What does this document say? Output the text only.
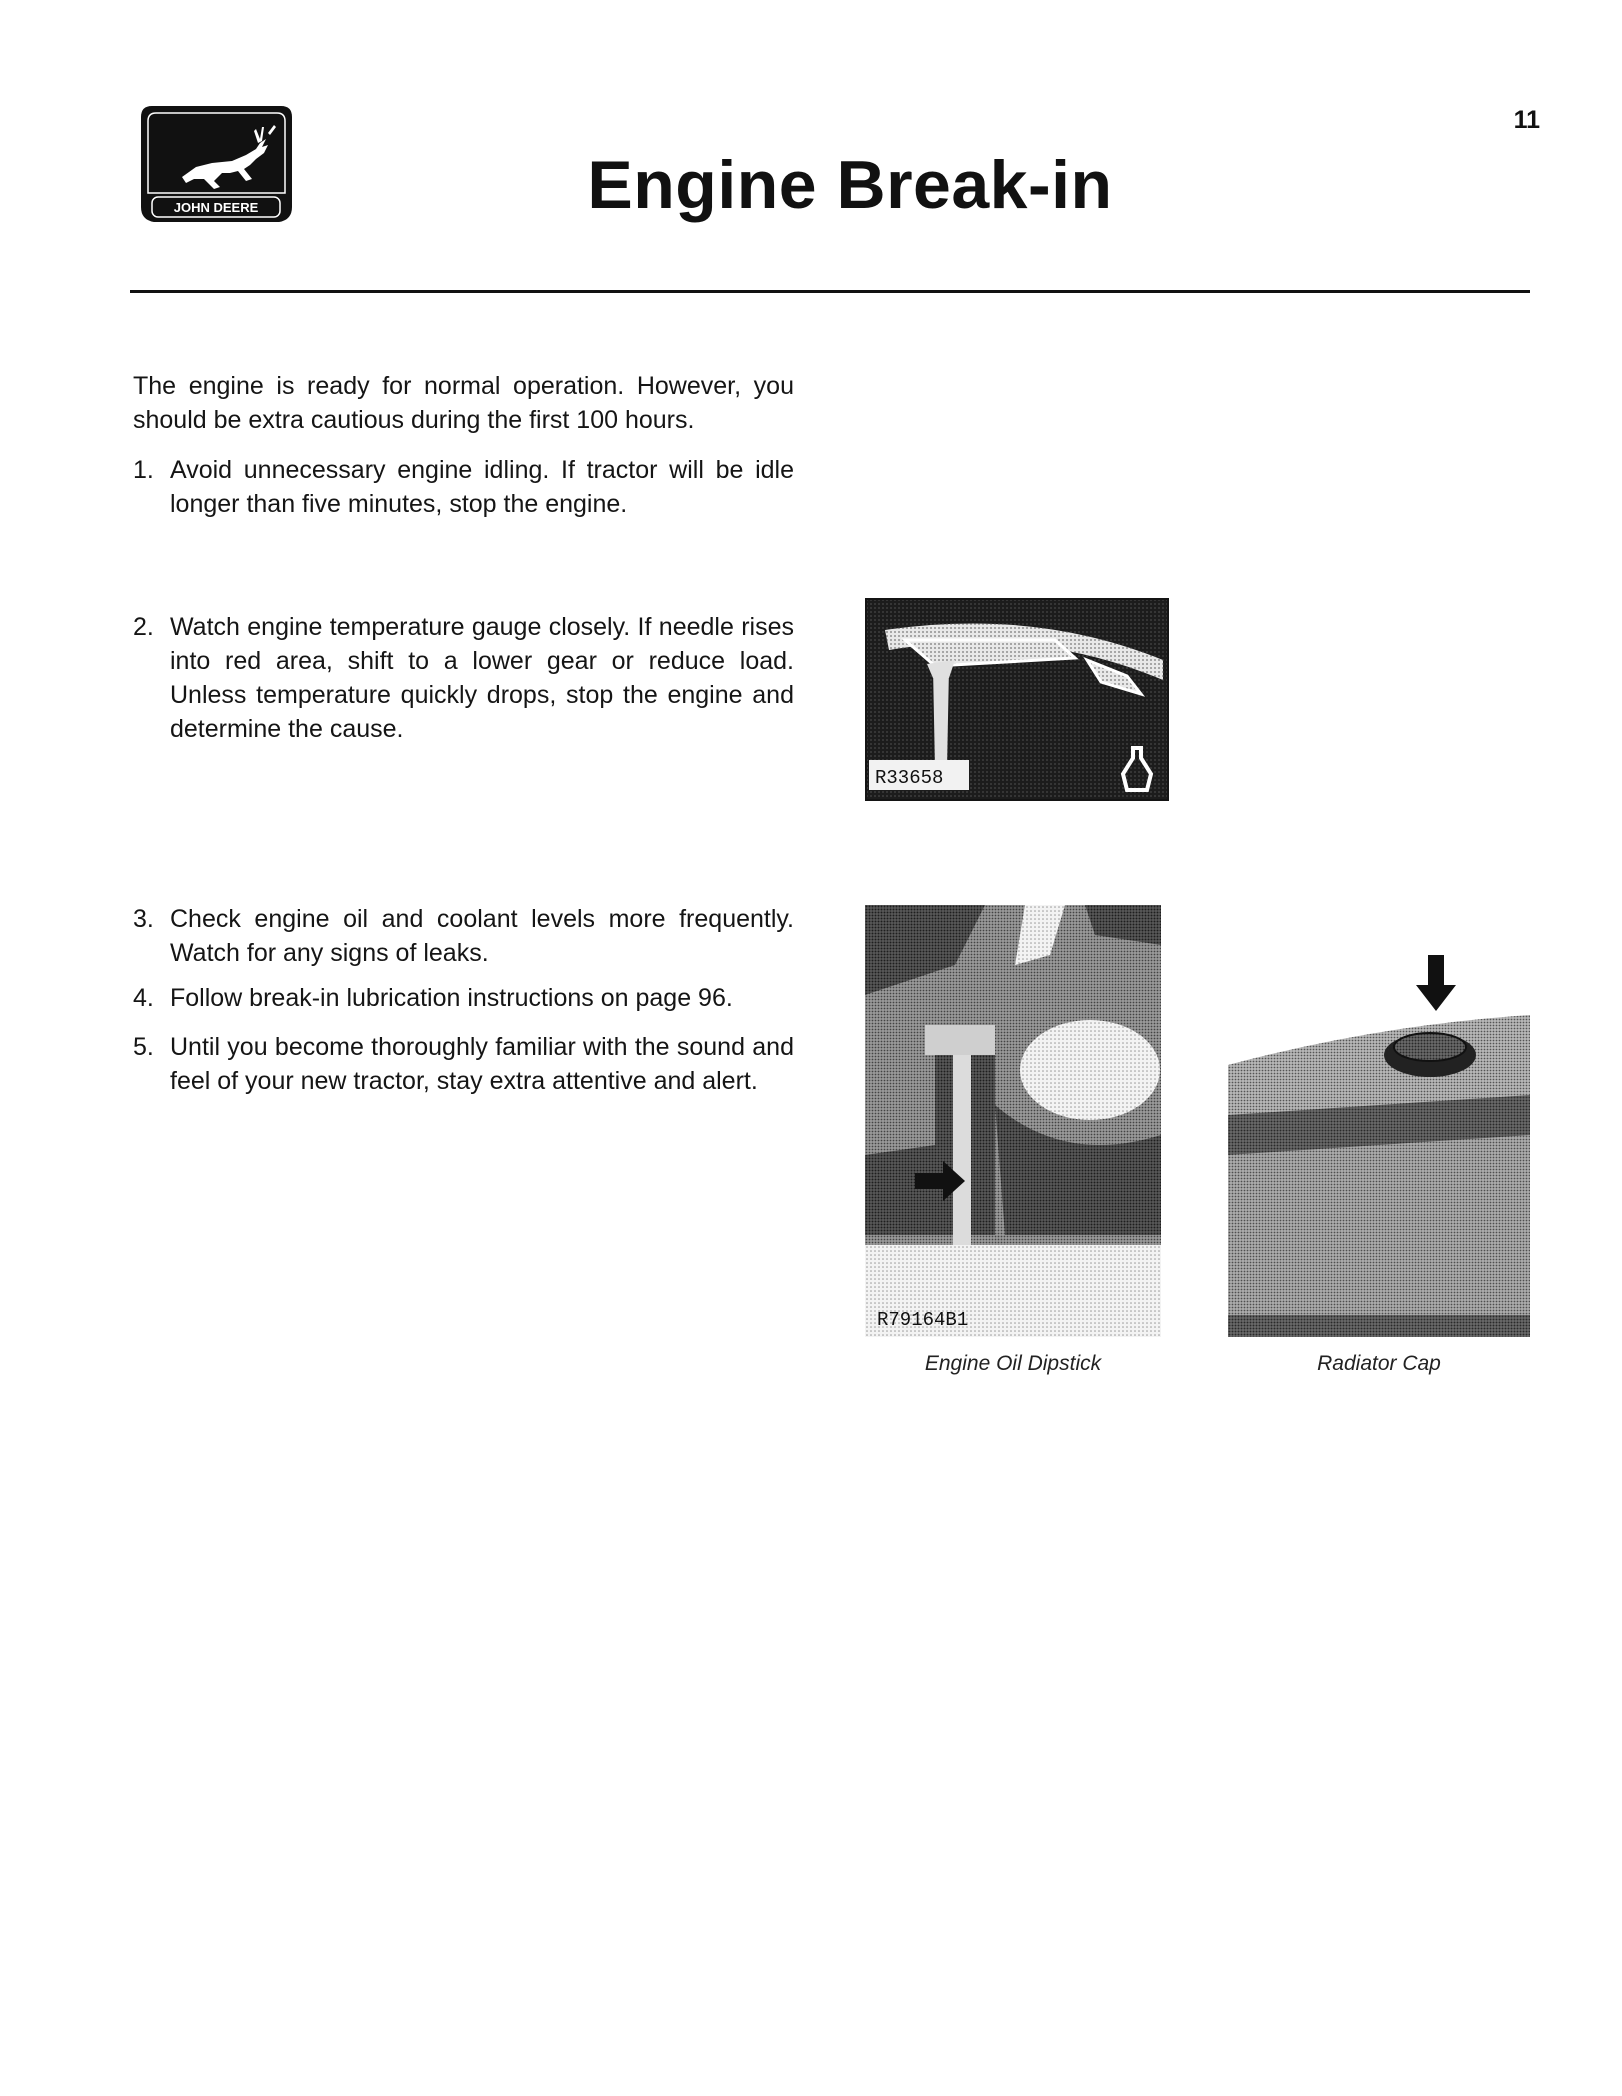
JOHN DEERE
11
Engine Break-in
The engine is ready for normal operation. However, you should be extra cautious during the first 100 hours.
1. Avoid unnecessary engine idling. If tractor will be idle longer than five minutes, stop the engine.
2. Watch engine temperature gauge closely. If needle rises into red area, shift to a lower gear or reduce load. Unless temperature quickly drops, stop the engine and determine the cause.
3. Check engine oil and coolant levels more frequently. Watch for any signs of leaks.
4. Follow break-in lubrication instructions on page 96.
5. Until you become thoroughly familiar with the sound and feel of your new tractor, stay extra attentive and alert.
R33658
R79164B1
Engine Oil Dipstick	Radiator Cap
